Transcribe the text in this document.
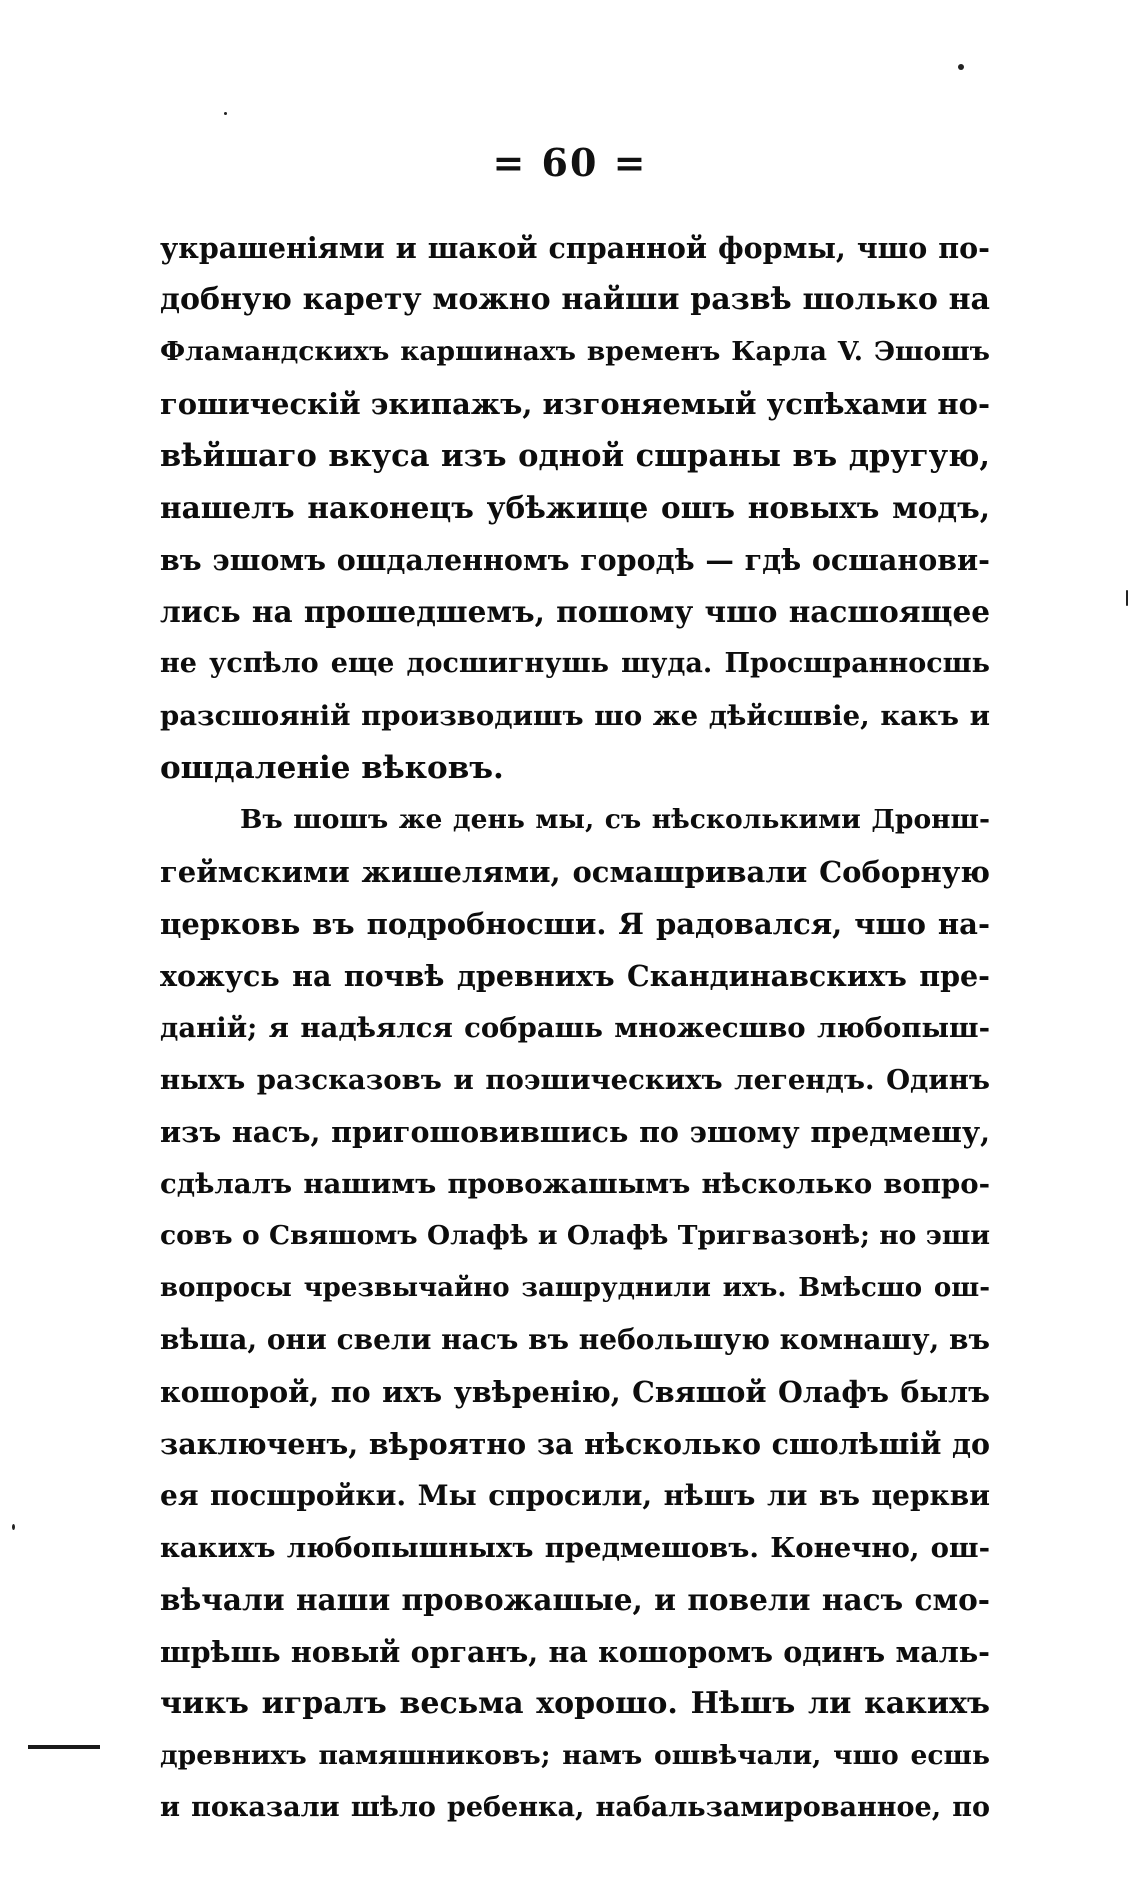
= 60 =
украшеніями и шакой спранной формы, чшо по-
добную карету можно найши развѣ шолько на
Фламандскихъ каршинахъ временъ Карла V. Эшошъ
гошическій экипажъ, изгоняемый успѣхами но-
вѣйшаго вкуса изъ одной сшраны въ другую,
нашелъ наконецъ убѣжище ошъ новыхъ модъ,
въ эшомъ ошдаленномъ городѣ — гдѣ осшанови-
лись на прошедшемъ, пошому чшо насшоящее
не успѣло еще досшигнушь шуда. Просшранносшь
разсшояній производишъ шо же дѣйсшвіе, какъ и
ошдаленіе вѣковъ.
Въ шошъ же день мы, съ нѣсколькими Дронш-
геймскими жишелями, осмашривали Соборную
церковь въ подробносши. Я радовался, чшо на-
хожусь на почвѣ древнихъ Скандинавскихъ пре-
даній; я надѣялся собрашь множесшво любопыш-
ныхъ разсказовъ и поэшическихъ легендъ. Одинъ
изъ насъ, пригошовившись по эшому предмешу,
сдѣлалъ нашимъ провожашымъ нѣсколько вопро-
совъ о Свяшомъ Олафѣ и Олафѣ Тригвазонѣ; но эши
вопросы чрезвычайно зашруднили ихъ. Вмѣсшо ош-
вѣша, они свели насъ въ небольшую комнашу, въ
кошорой, по ихъ увѣренію, Свяшой Олафъ былъ
заключенъ, вѣроятно за нѣсколько сшолѣшій до
ея посшройки. Мы спросили, нѣшъ ли въ церкви
какихъ любопышныхъ предмешовъ. Конечно, ош-
вѣчали наши провожашые, и повели насъ смо-
шрѣшь новый органъ, на кошоромъ одинъ маль-
чикъ игралъ весьма хорошо. Нѣшъ ли какихъ
древнихъ памяшниковъ; намъ ошвѣчали, чшо есшь
и показали шѣло ребенка, набальзамированное, по
